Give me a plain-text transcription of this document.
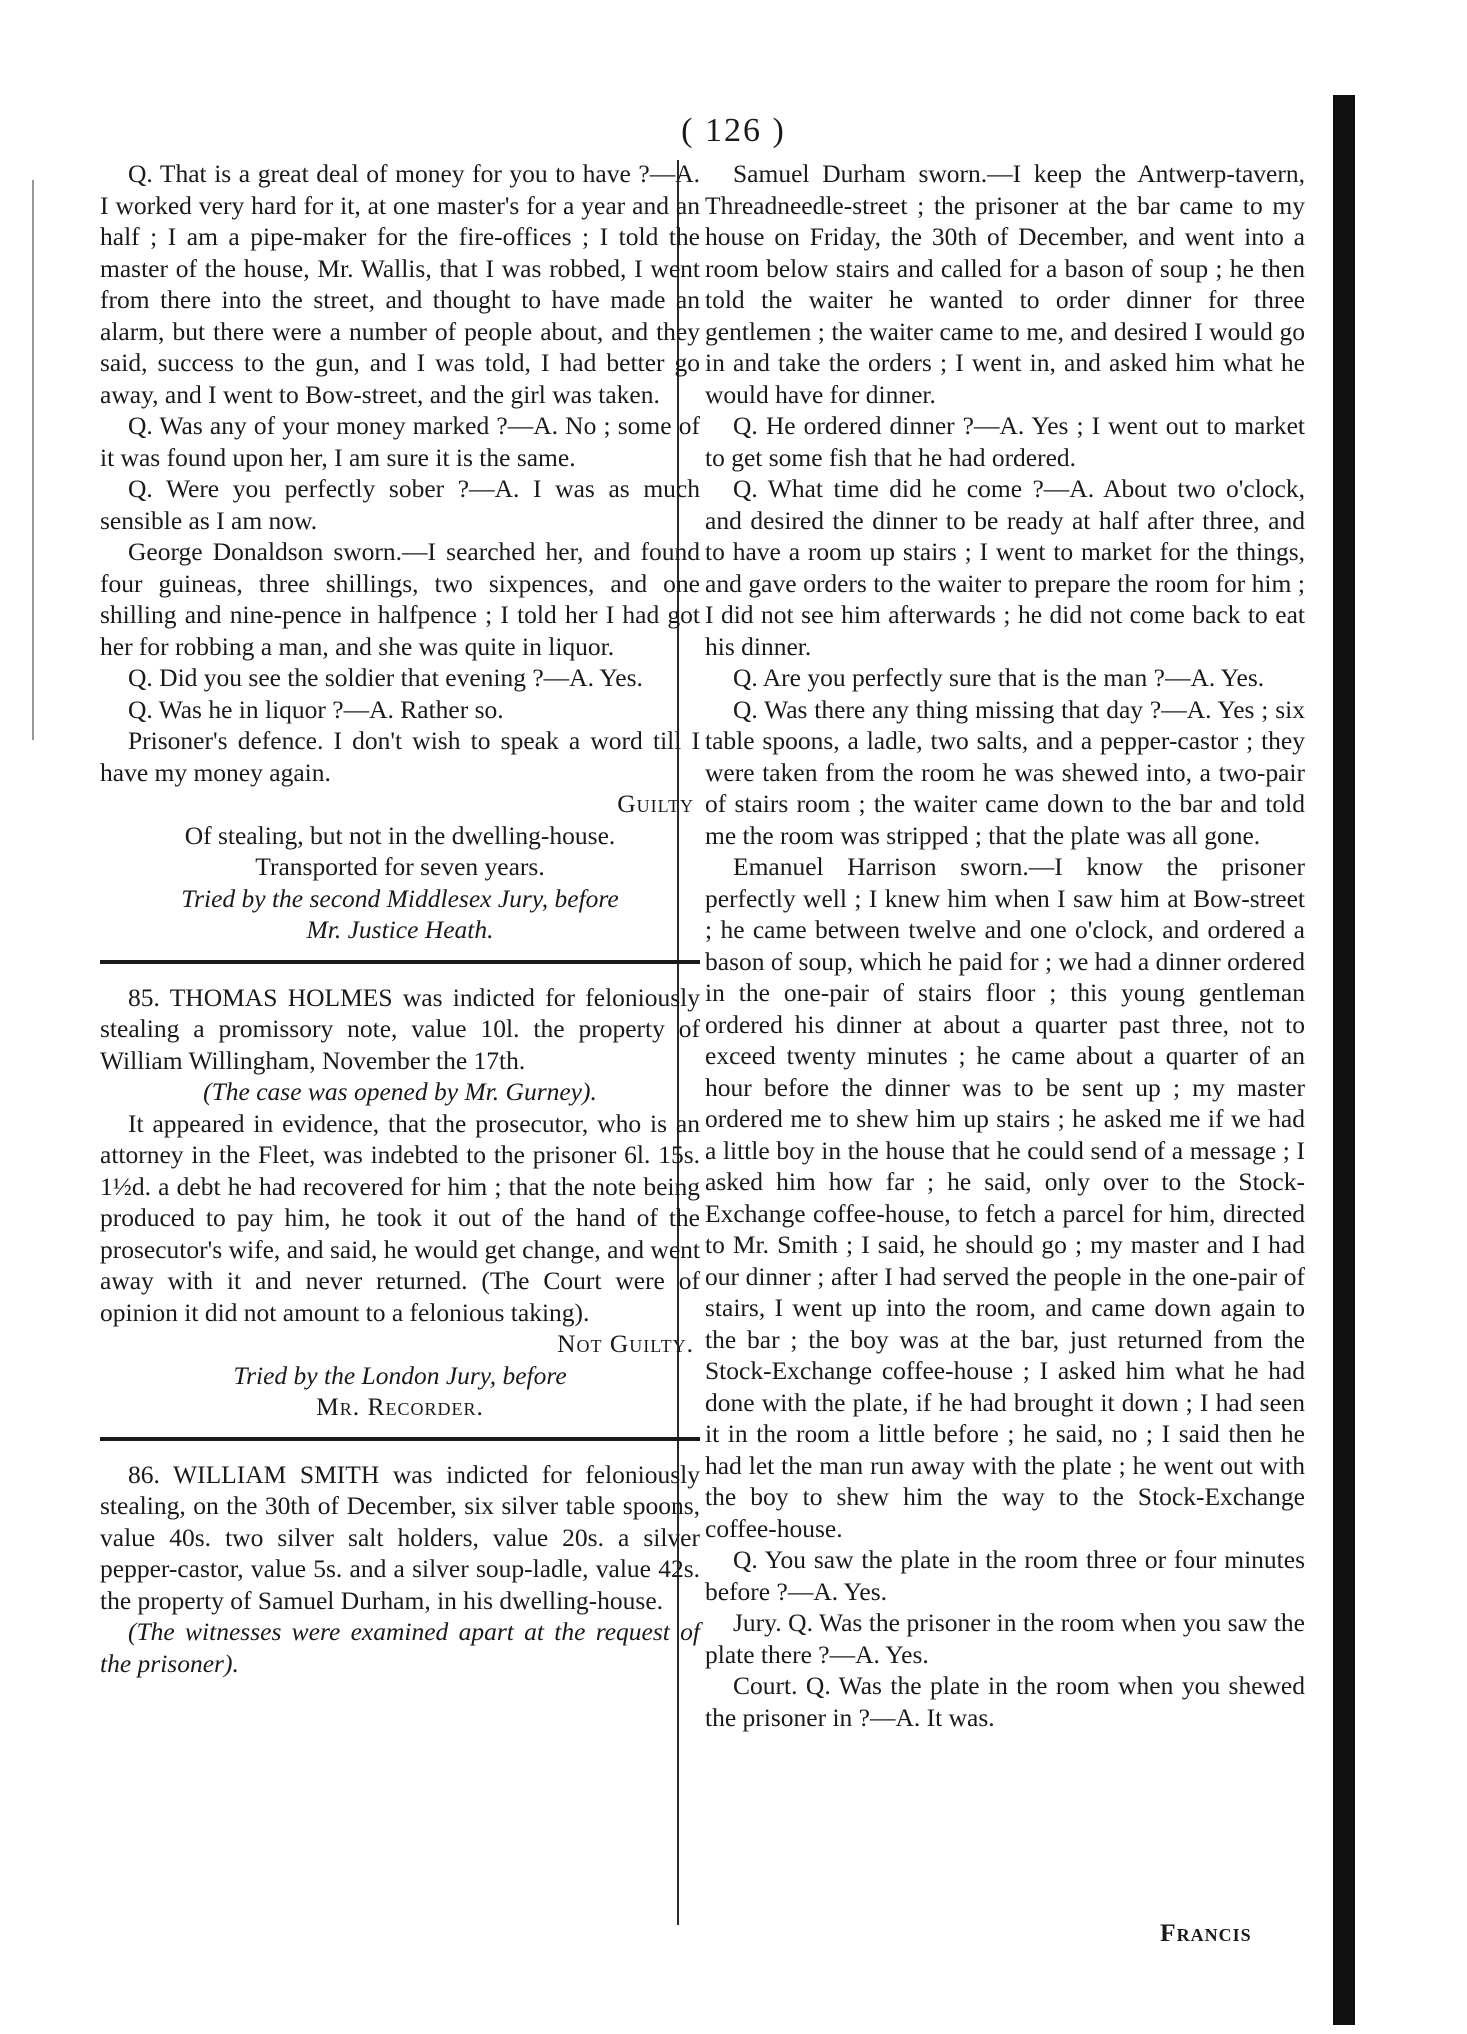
( 126 )

Q. That is a great deal of money for you to have ?—A. I worked very hard for it, at one master's for a year and an half ; I am a pipe-maker for the fire-offices ; I told the master of the house, Mr. Wallis, that I was robbed, I went from there into the street, and thought to have made an alarm, but there were a number of people about, and they said, success to the gun, and I was told, I had better go away, and I went to Bow-street, and the girl was taken.

Q. Was any of your money marked ?—A. No ; some of it was found upon her, I am sure it is the same.

Q. Were you perfectly sober ?—A. I was as much sensible as I am now.

George Donaldson sworn.—I searched her, and found four guineas, three shillings, two sixpences, and one shilling and nine-pence in halfpence ; I told her I had got her for robbing a man, and she was quite in liquor.

Q. Did you see the soldier that evening ?—A. Yes.

Q. Was he in liquor ?—A. Rather so.

Prisoner's defence. I don't wish to speak a word till I have my money again.

Guilty

Of stealing, but not in the dwelling-house.

Transported for seven years.

Tried by the second Middlesex Jury, before

Mr. Justice Heath.

85. THOMAS HOLMES was indicted for feloniously stealing a promissory note, value 10l. the property of William Willingham, November the 17th.

(The case was opened by Mr. Gurney).

It appeared in evidence, that the prosecutor, who is an attorney in the Fleet, was indebted to the prisoner 6l. 15s. 1½d. a debt he had recovered for him ; that the note being produced to pay him, he took it out of the hand of the prosecutor's wife, and said, he would get change, and went away with it and never returned. (The Court were of opinion it did not amount to a felonious taking).

Not Guilty.

Tried by the London Jury, before

Mr. Recorder.

86. WILLIAM SMITH was indicted for feloniously stealing, on the 30th of December, six silver table spoons, value 40s. two silver salt holders, value 20s. a silver pepper-castor, value 5s. and a silver soup-ladle, value 42s. the property of Samuel Durham, in his dwelling-house.

(The witnesses were examined apart at the request of the prisoner).

Samuel Durham sworn.—I keep the Antwerp-tavern, Threadneedle-street ; the prisoner at the bar came to my house on Friday, the 30th of December, and went into a room below stairs and called for a bason of soup ; he then told the waiter he wanted to order dinner for three gentlemen ; the waiter came to me, and desired I would go in and take the orders ; I went in, and asked him what he would have for dinner.

Q. He ordered dinner ?—A. Yes ; I went out to market to get some fish that he had ordered.

Q. What time did he come ?—A. About two o'clock, and desired the dinner to be ready at half after three, and to have a room up stairs ; I went to market for the things, and gave orders to the waiter to prepare the room for him ; I did not see him afterwards ; he did not come back to eat his dinner.

Q. Are you perfectly sure that is the man ?—A. Yes.

Q. Was there any thing missing that day ?—A. Yes ; six table spoons, a ladle, two salts, and a pepper-castor ; they were taken from the room he was shewed into, a two-pair of stairs room ; the waiter came down to the bar and told me the room was stripped ; that the plate was all gone.

Emanuel Harrison sworn.—I know the prisoner perfectly well ; I knew him when I saw him at Bow-street ; he came between twelve and one o'clock, and ordered a bason of soup, which he paid for ; we had a dinner ordered in the one-pair of stairs floor ; this young gentleman ordered his dinner at about a quarter past three, not to exceed twenty minutes ; he came about a quarter of an hour before the dinner was to be sent up ; my master ordered me to shew him up stairs ; he asked me if we had a little boy in the house that he could send of a message ; I asked him how far ; he said, only over to the Stock-Exchange coffee-house, to fetch a parcel for him, directed to Mr. Smith ; I said, he should go ; my master and I had our dinner ; after I had served the people in the one-pair of stairs, I went up into the room, and came down again to the bar ; the boy was at the bar, just returned from the Stock-Exchange coffee-house ; I asked him what he had done with the plate, if he had brought it down ; I had seen it in the room a little before ; he said, no ; I said then he had let the man run away with the plate ; he went out with the boy to shew him the way to the Stock-Exchange coffee-house.

Q. You saw the plate in the room three or four minutes before ?—A. Yes.

Jury. Q. Was the prisoner in the room when you saw the plate there ?—A. Yes.

Court. Q. Was the plate in the room when you shewed the prisoner in ?—A. It was.

Francis
